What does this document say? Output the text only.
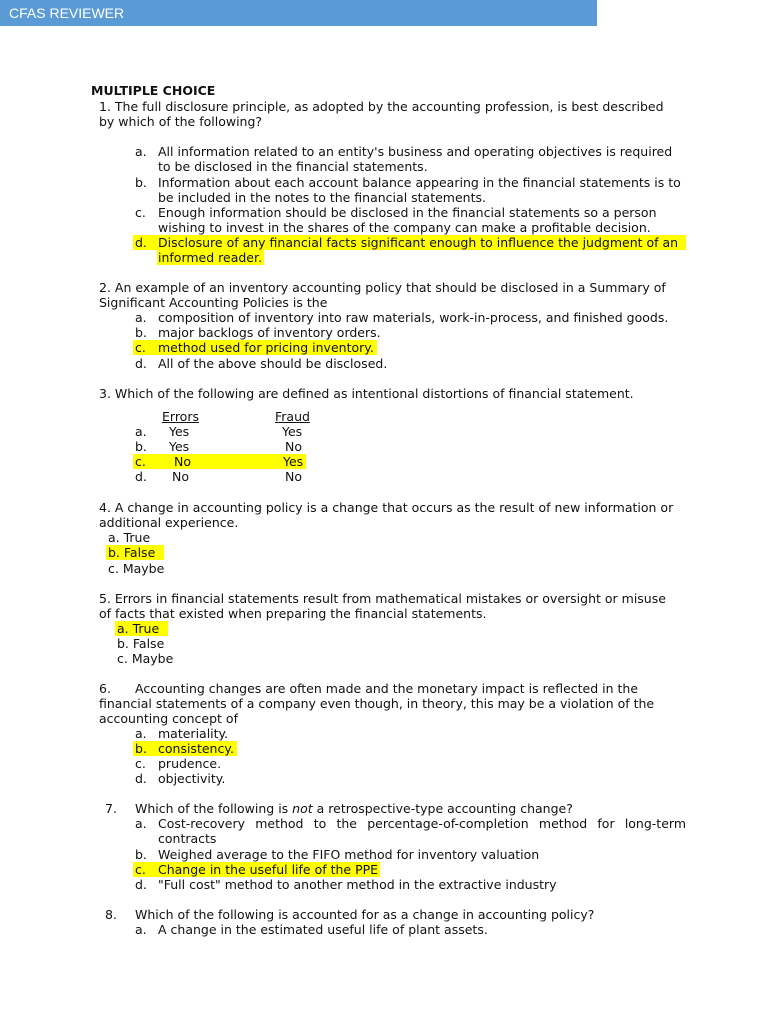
CFAS REVIEWER
MULTIPLE CHOICE
1. The full disclosure principle, as adopted by the accounting profession, is best described
by which of the following?
a. All information related to an entity's business and operating objectives is required
to be disclosed in the financial statements.
b. Information about each account balance appearing in the financial statements is to
be included in the notes to the financial statements.
c. Enough information should be disclosed in the financial statements so a person
wishing to invest in the shares of the company can make a profitable decision.
d. Disclosure of any financial facts significant enough to influence the judgment of an
informed reader.
2. An example of an inventory accounting policy that should be disclosed in a Summary of
Significant Accounting Policies is the
a. composition of inventory into raw materials, work-in-process, and finished goods.
b. major backlogs of inventory orders.
c. method used for pricing inventory.
d. All of the above should be disclosed.
3. Which of the following are defined as intentional distortions of financial statement.
Errors	Fraud
a. Yes	Yes
b. Yes	No
c. No	Yes
d. No	No
4. A change in accounting policy is a change that occurs as the result of new information or
additional experience.
a. True
b. False
c. Maybe
5. Errors in financial statements result from mathematical mistakes or oversight or misuse
of facts that existed when preparing the financial statements.
a. True
b. False
c. Maybe
6. Accounting changes are often made and the monetary impact is reflected in the
financial statements of a company even though, in theory, this may be a violation of the
accounting concept of
a. materiality.
b. consistency.
c. prudence.
d. objectivity.
7. Which of the following is not a retrospective-type accounting change?
a. Cost-recovery method to the percentage-of-completion method for long-term
contracts
b. Weighed average to the FIFO method for inventory valuation
c. Change in the useful life of the PPE
d. "Full cost" method to another method in the extractive industry
8. Which of the following is accounted for as a change in accounting policy?
a. A change in the estimated useful life of plant assets.
